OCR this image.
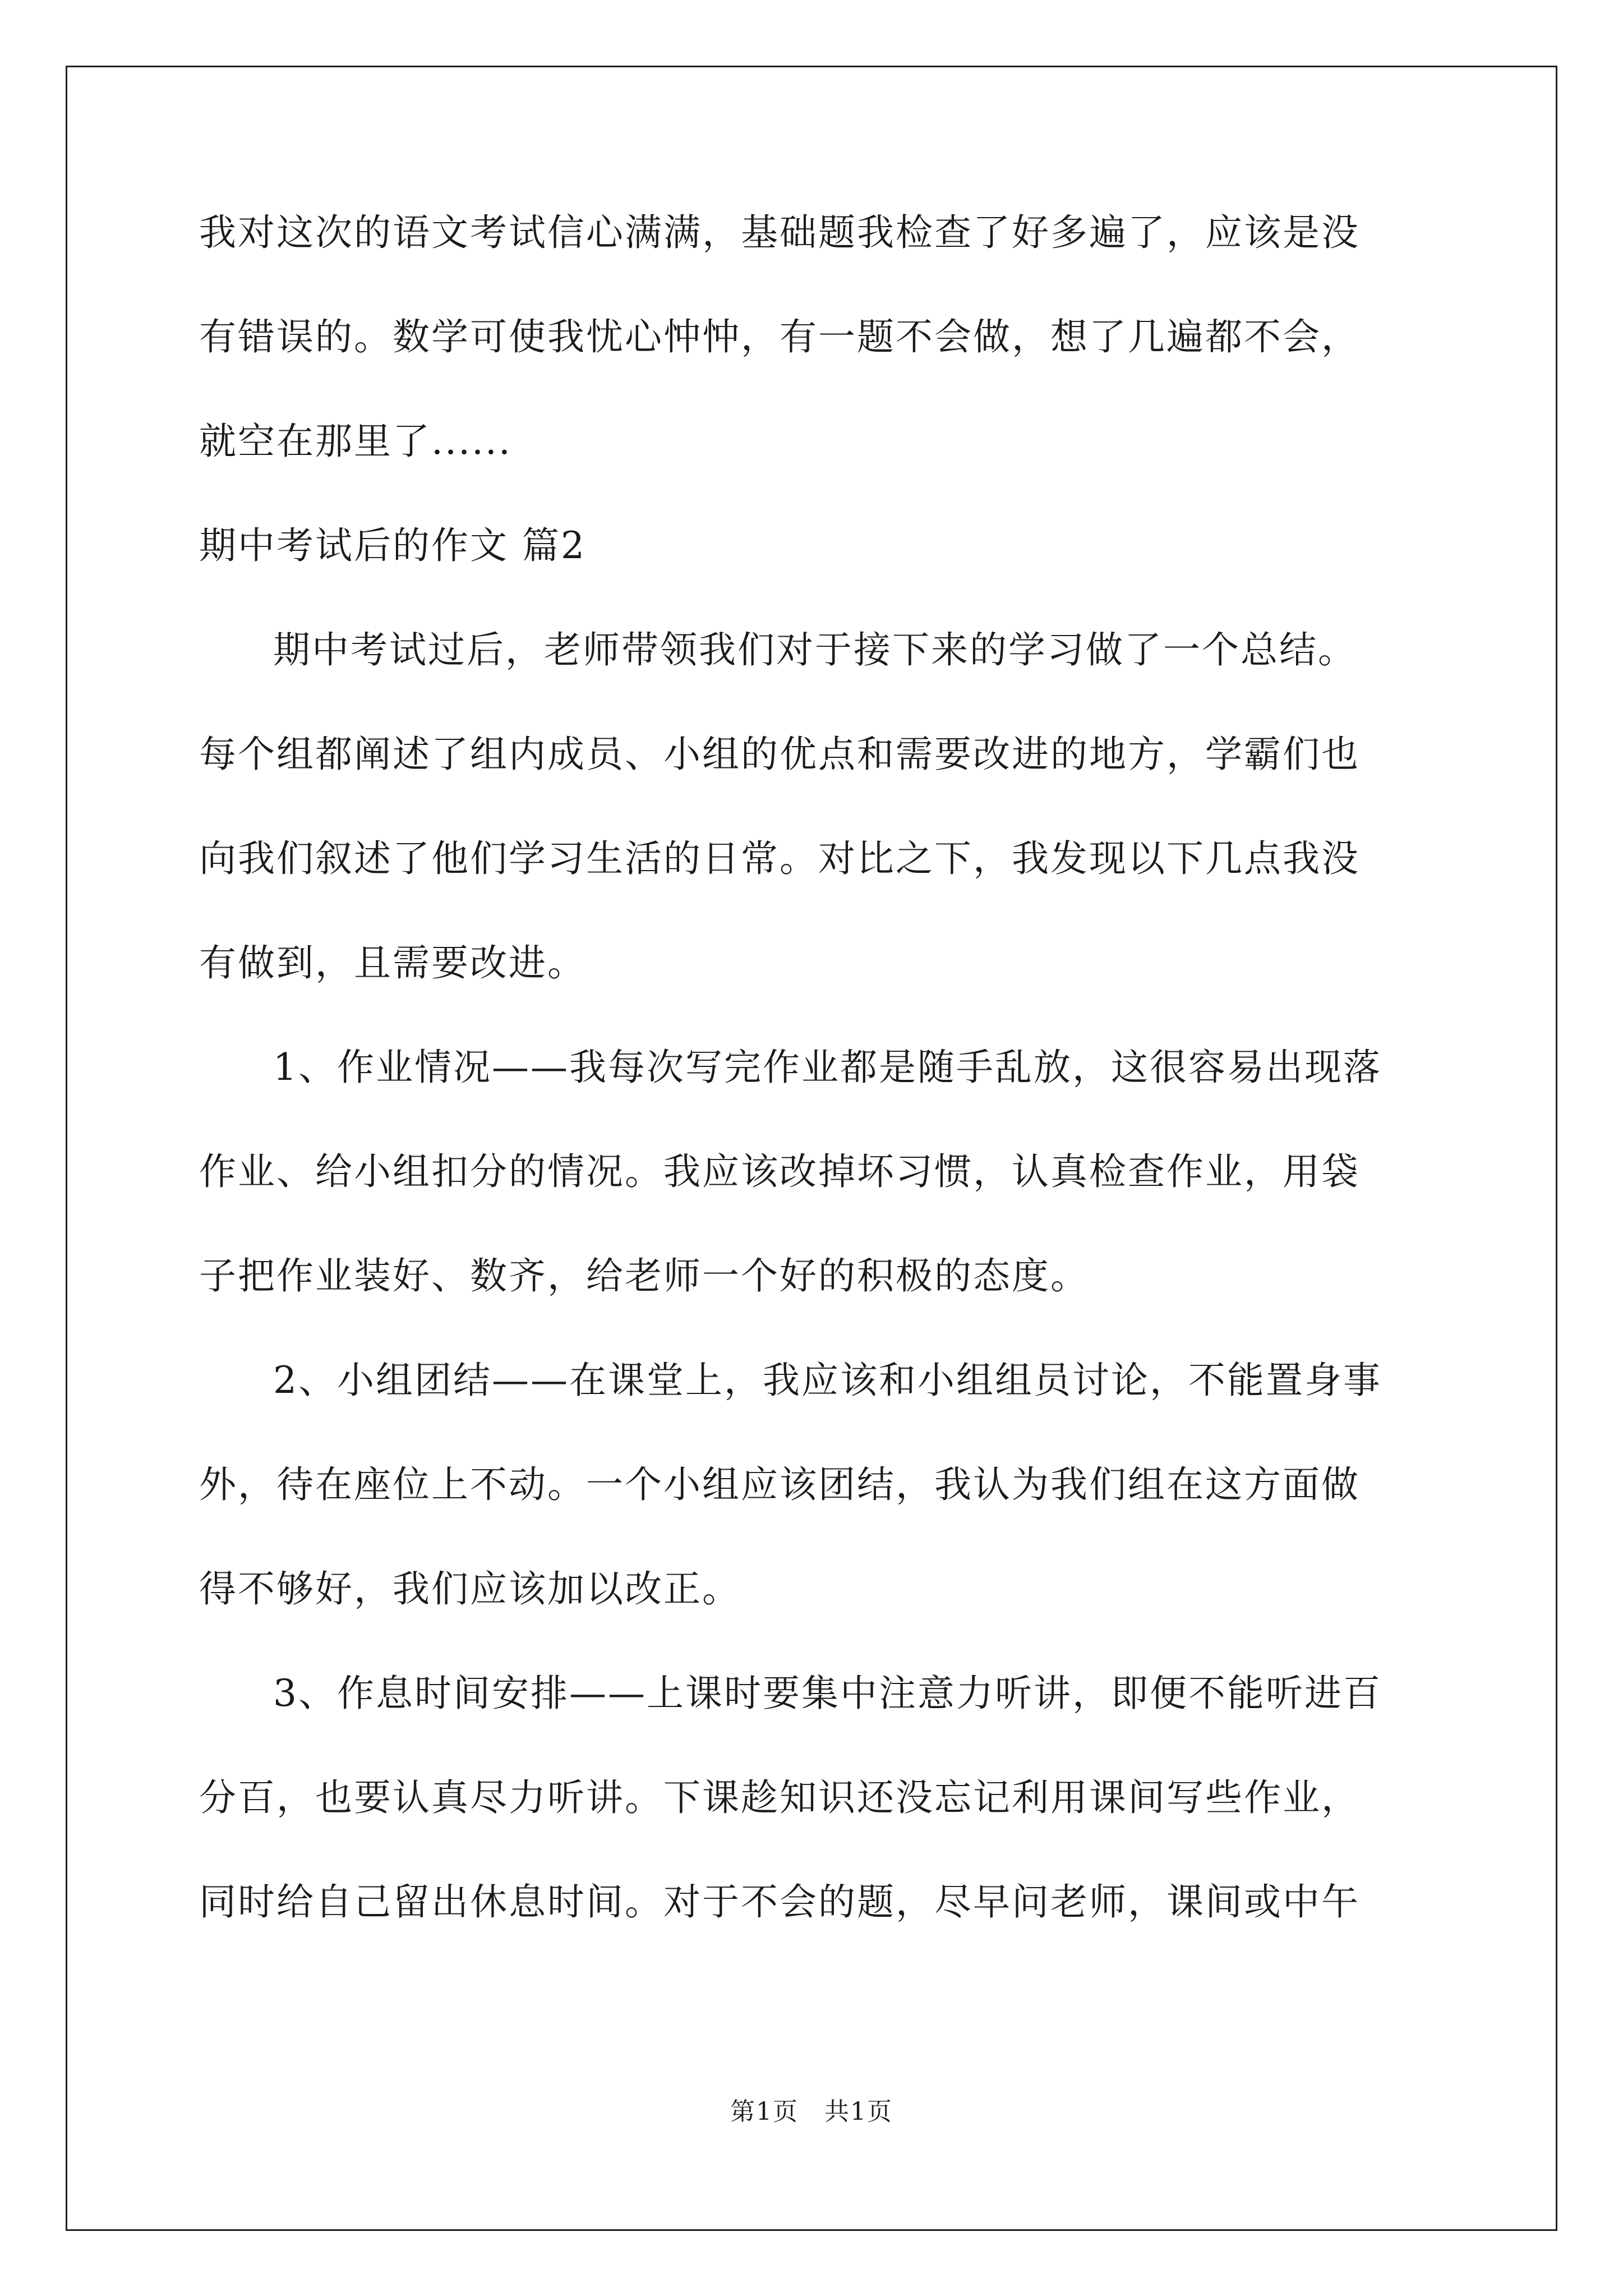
我对这次的语文考试信心满满，基础题我检查了好多遍了，应该是没

有错误的。数学可使我忧心忡忡，有一题不会做，想了几遍都不会，

就空在那里了......

期中考试后的作文 篇2

期中考试过后，老师带领我们对于接下来的学习做了一个总结。

每个组都阐述了组内成员、小组的优点和需要改进的地方，学霸们也

向我们叙述了他们学习生活的日常。对比之下，我发现以下几点我没

有做到，且需要改进。

1、作业情况——我每次写完作业都是随手乱放，这很容易出现落

作业、给小组扣分的情况。我应该改掉坏习惯，认真检查作业，用袋

子把作业装好、数齐，给老师一个好的积极的态度。

2、小组团结——在课堂上，我应该和小组组员讨论，不能置身事

外，待在座位上不动。一个小组应该团结，我认为我们组在这方面做

得不够好，我们应该加以改正。

3、作息时间安排——上课时要集中注意力听讲，即便不能听进百

分百，也要认真尽力听讲。下课趁知识还没忘记利用课间写些作业，

同时给自己留出休息时间。对于不会的题，尽早问老师，课间或中午

第1页　共1页
